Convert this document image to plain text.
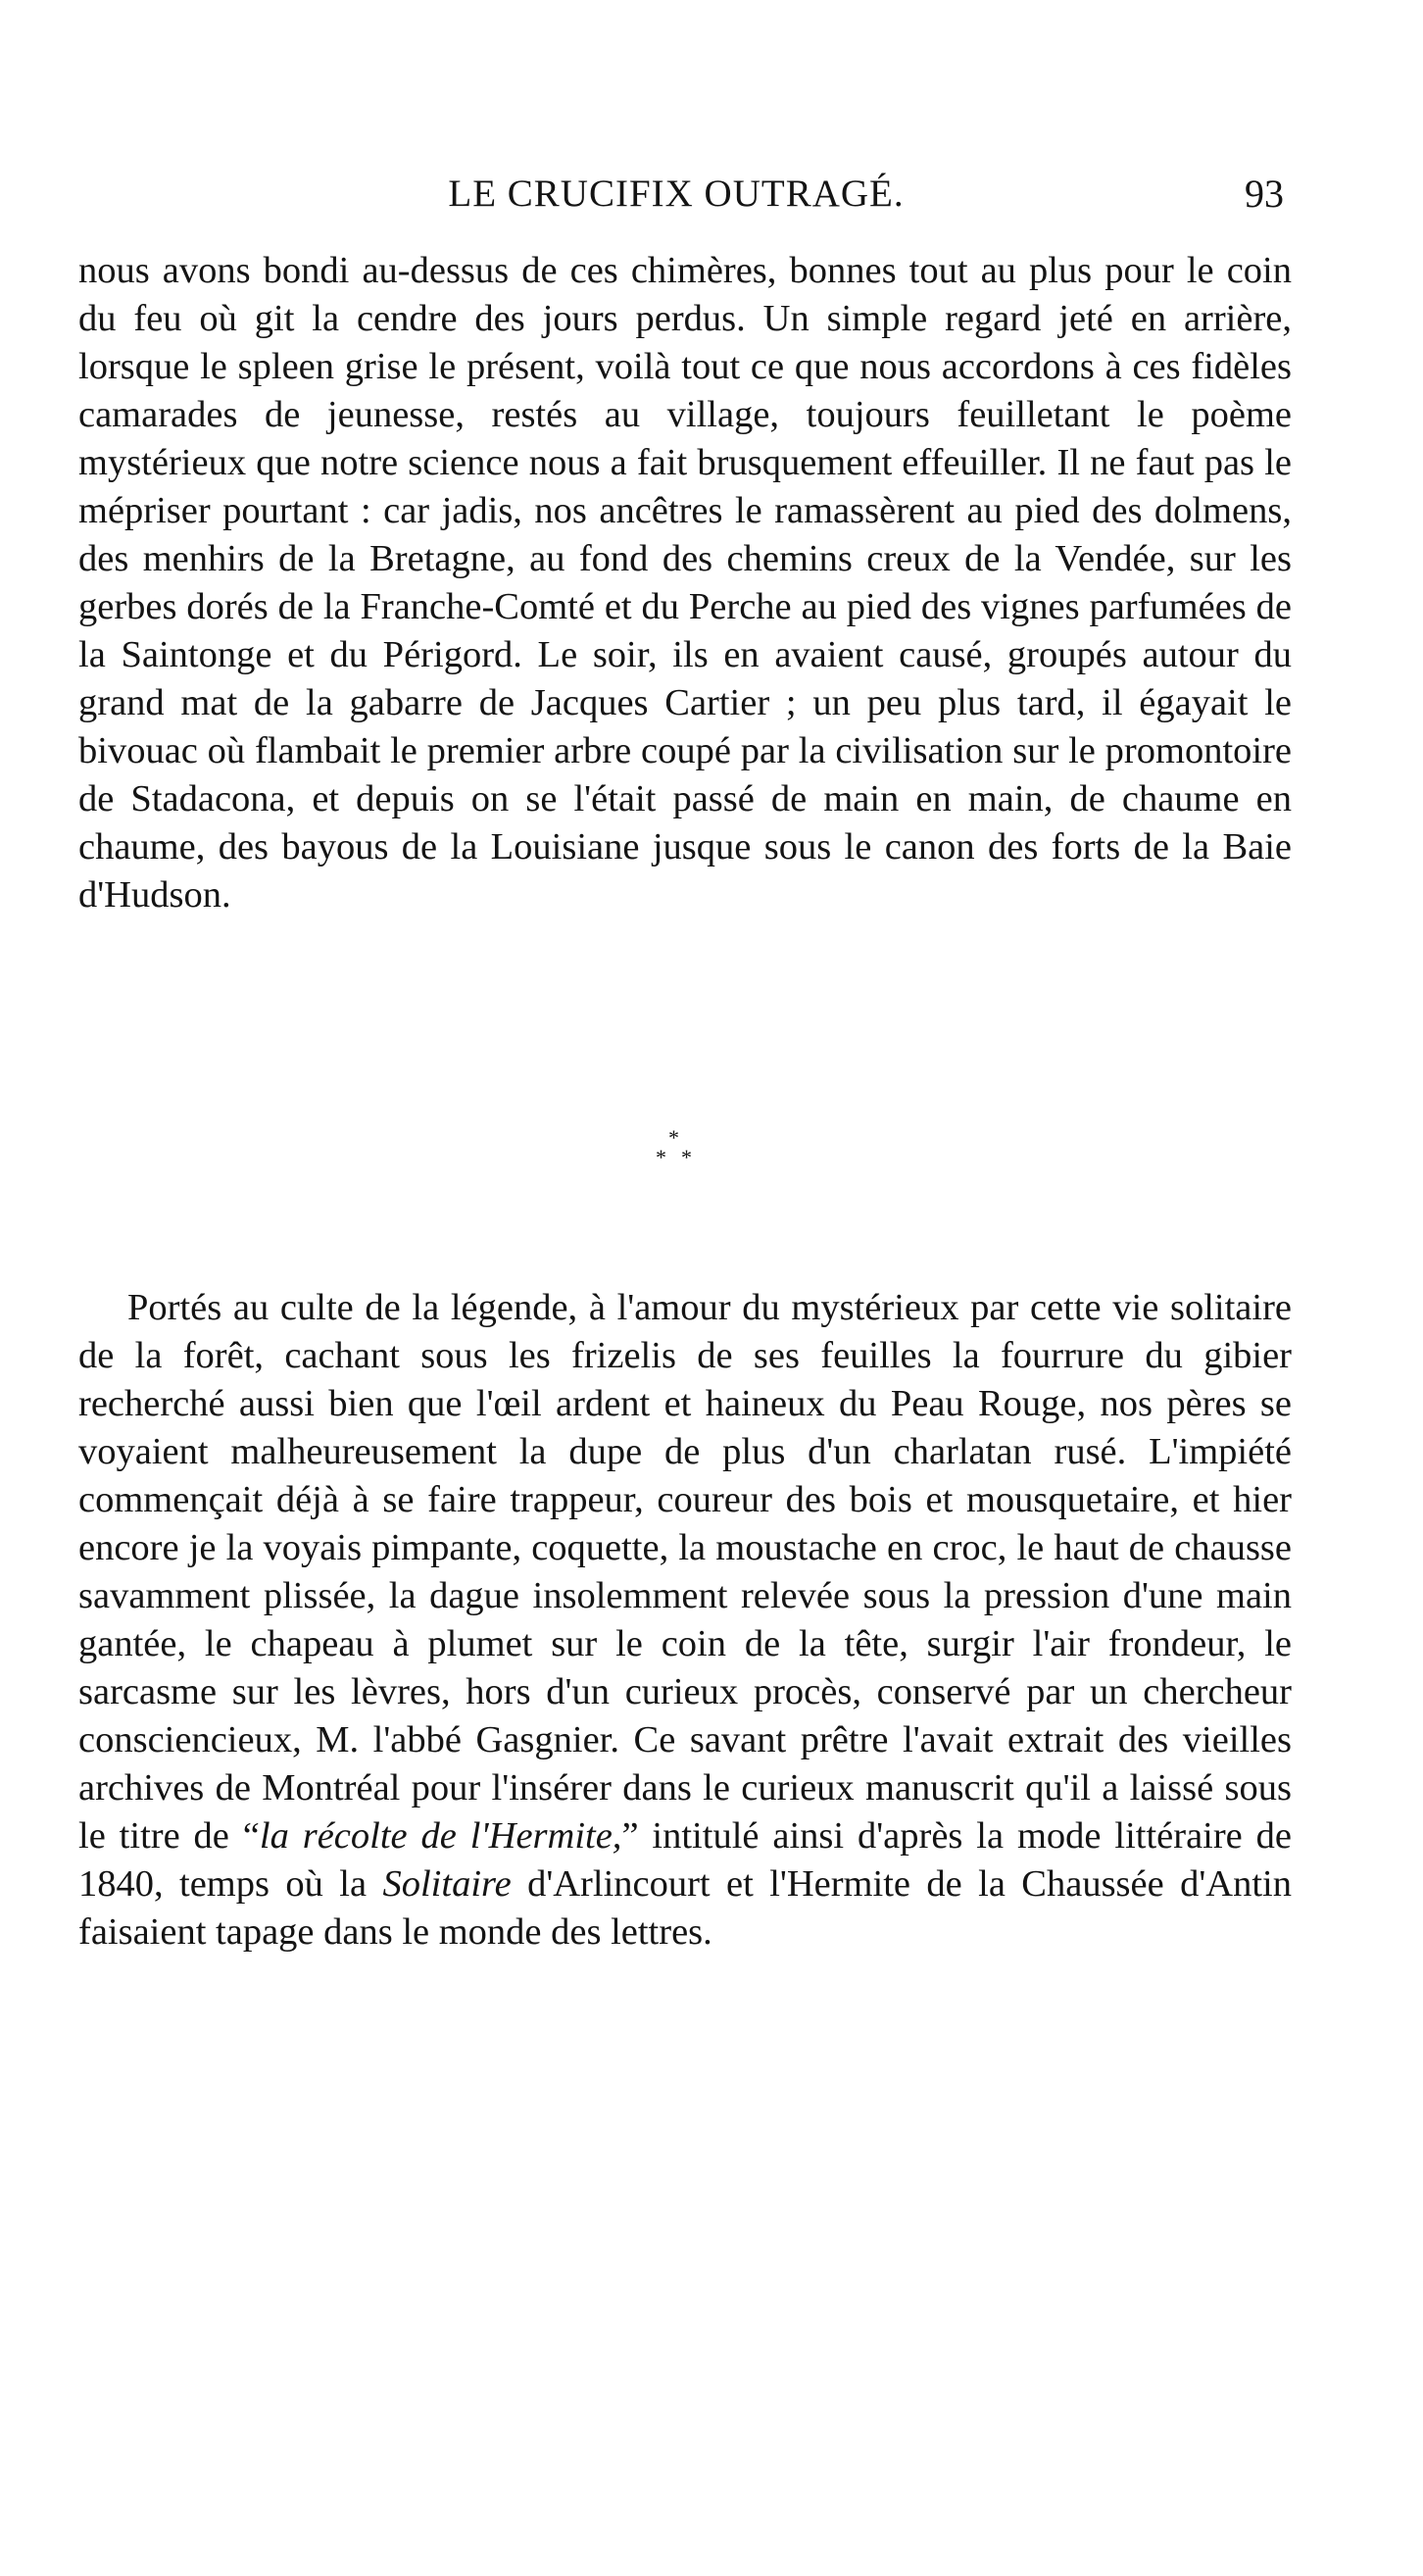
LE CRUCIFIX OUTRAGÉ.	93

nous avons bondi au-dessus de ces chimères, bonnes tout au plus pour le coin du feu où git la cendre des jours perdus. Un simple regard jeté en arrière, lorsque le spleen grise le présent, voilà tout ce que nous accordons à ces fidèles camarades de jeunesse, restés au village, toujours feuilletant le poème mystérieux que notre science nous a fait brusquement effeuiller. Il ne faut pas le mépriser pourtant : car jadis, nos ancêtres le ramassèrent au pied des dolmens, des menhirs de la Bretagne, au fond des chemins creux de la Vendée, sur les gerbes dorés de la Franche-Comté et du Perche au pied des vignes parfumées de la Saintonge et du Périgord. Le soir, ils en avaient causé, groupés autour du grand mat de la gabarre de Jacques Cartier ; un peu plus tard, il égayait le bivouac où flambait le premier arbre coupé par la civilisation sur le promontoire de Stadacona, et depuis on se l'était passé de main en main, de chaume en chaume, des bayous de la Louisiane jusque sous le canon des forts de la Baie d'Hudson.

*
* *

Portés au culte de la légende, à l'amour du mystérieux par cette vie solitaire de la forêt, cachant sous les frizelis de ses feuilles la fourrure du gibier recherché aussi bien que l'œil ardent et haineux du Peau Rouge, nos pères se voyaient malheureusement la dupe de plus d'un charlatan rusé. L'impiété commençait déjà à se faire trappeur, coureur des bois et mousquetaire, et hier encore je la voyais pimpante, coquette, la moustache en croc, le haut de chausse savamment plissée, la dague insolemment relevée sous la pression d'une main gantée, le chapeau à plumet sur le coin de la tête, surgir l'air frondeur, le sarcasme sur les lèvres, hors d'un curieux procès, conservé par un chercheur consciencieux, M. l'abbé Gasgnier. Ce savant prêtre l'avait extrait des vieilles archives de Montréal pour l'insérer dans le curieux manuscrit qu'il a laissé sous le titre de “la récolte de l'Hermite,” intitulé ainsi d'après la mode littéraire de 1840, temps où la Solitaire d'Arlincourt et l'Hermite de la Chaussée d'Antin faisaient tapage dans le monde des lettres.
